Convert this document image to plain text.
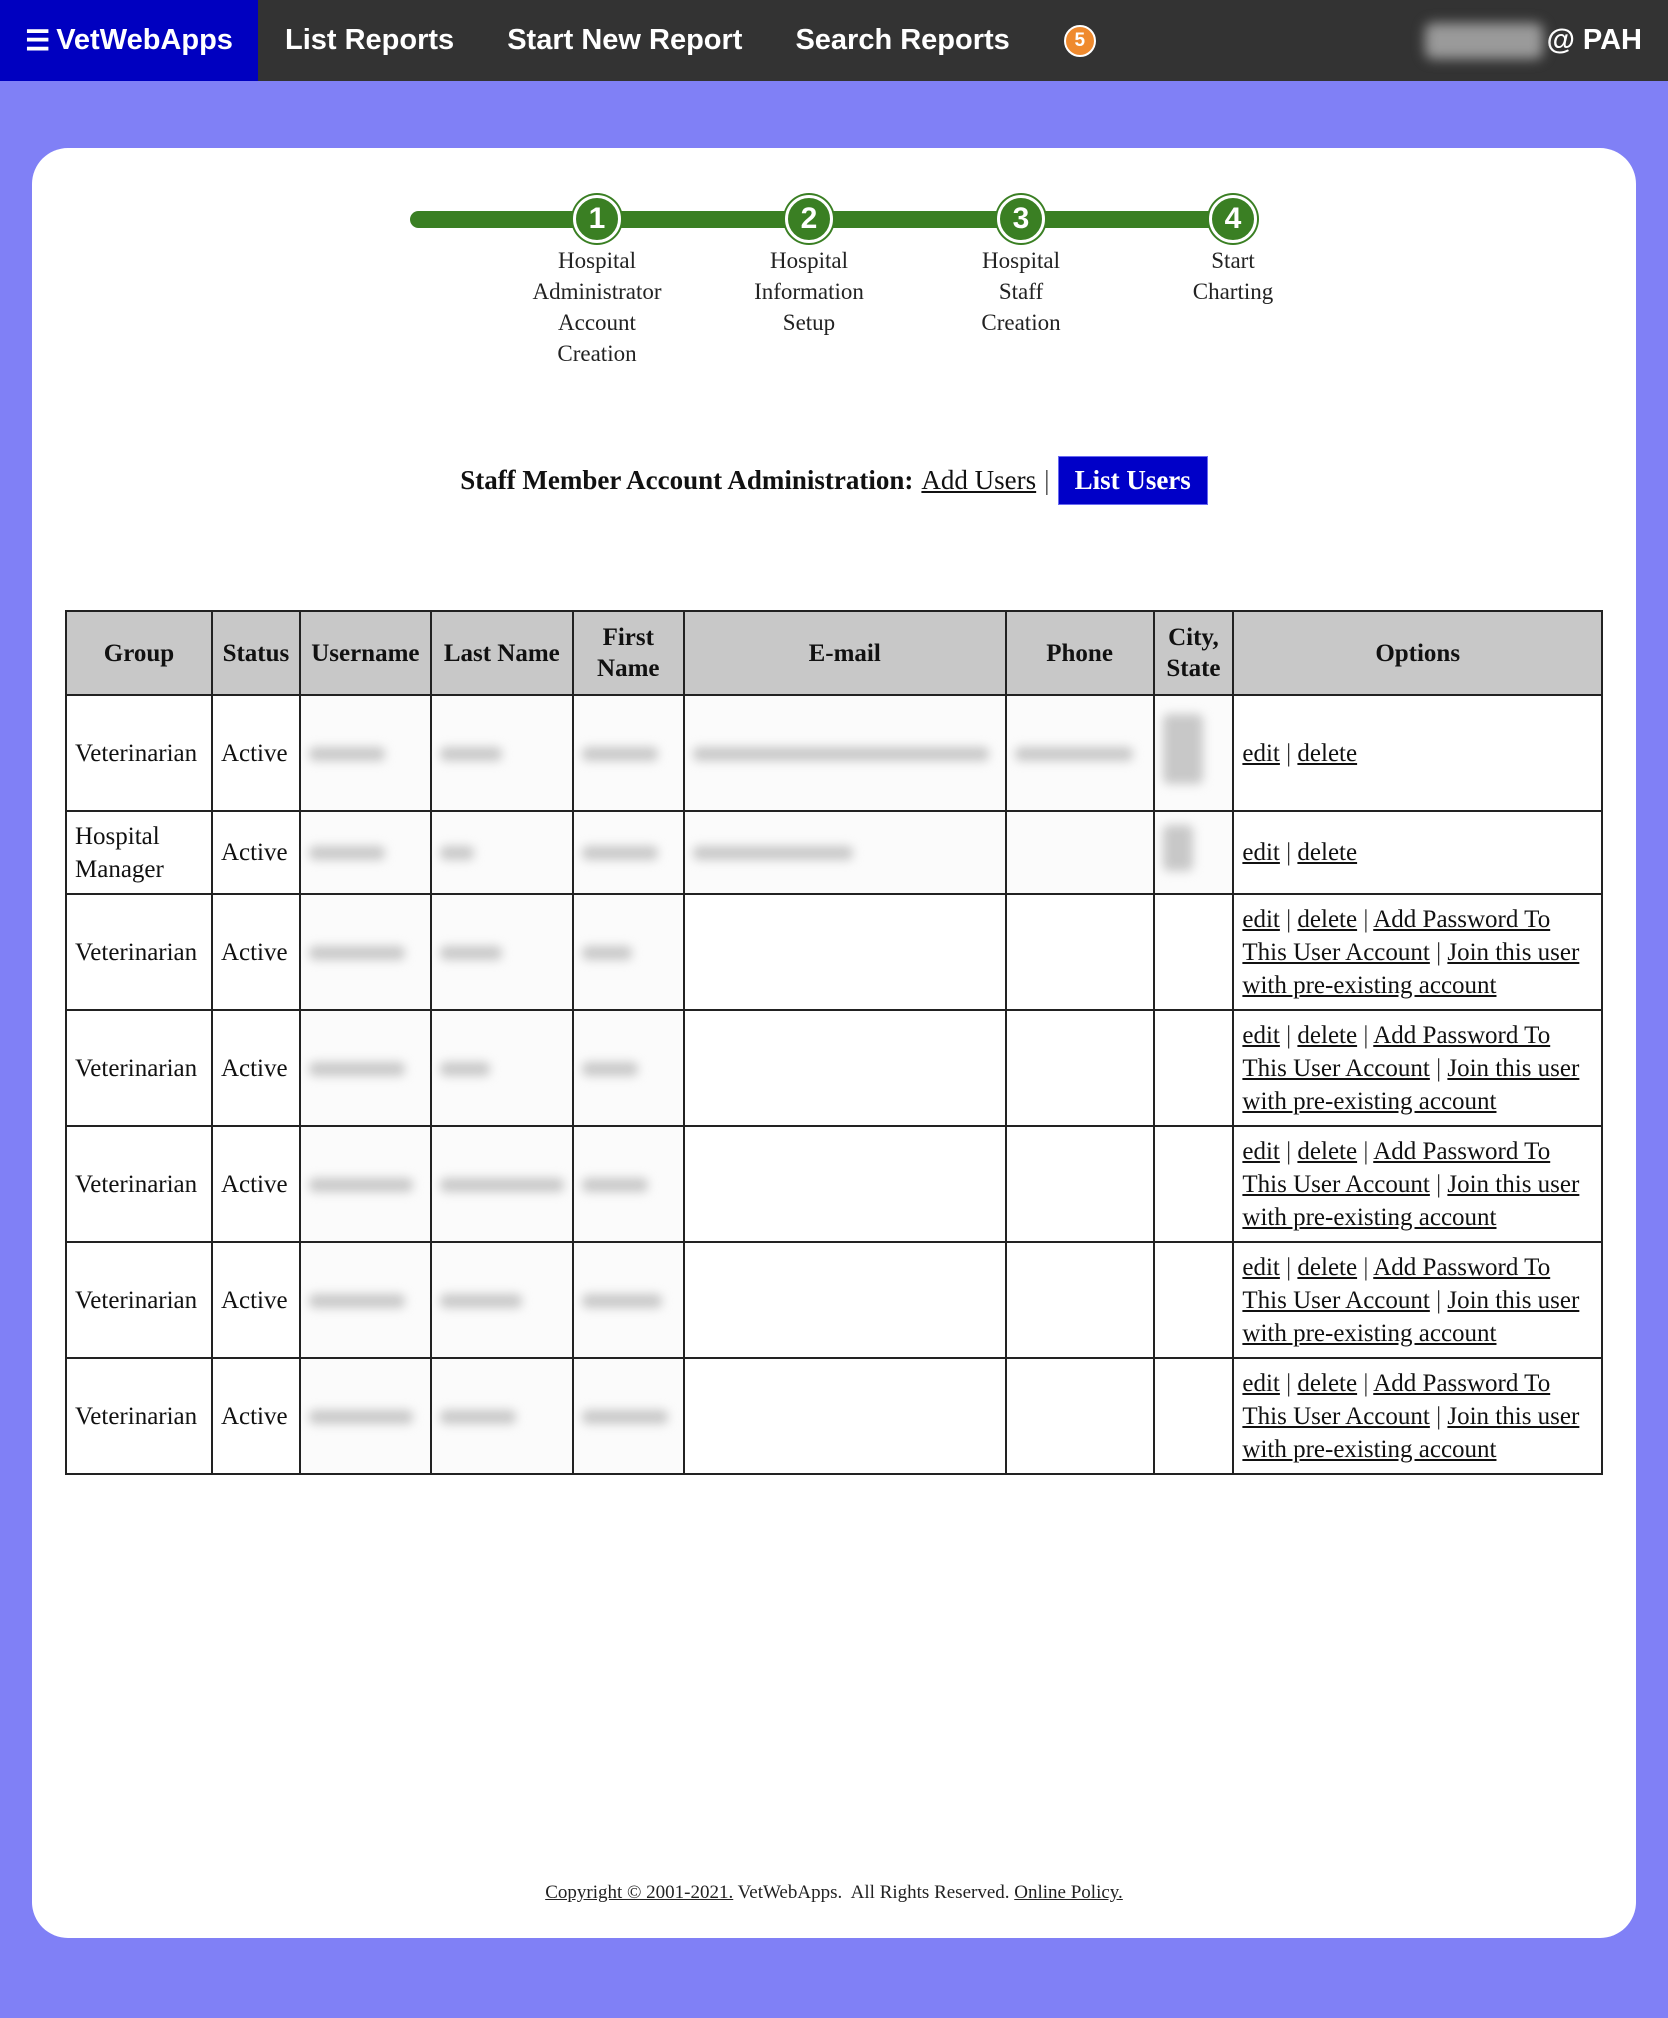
☰ VetWebApps List Reports Start New Report Search Reports	5	@ PAH
1
Hospital Administrator Account Creation
2
Hospital Information Setup
3
Hospital Staff Creation
4
Start Charting
Staff Member Account Administration: Add Users | List Users
Group	Status	Username	Last Name	First Name	E-mail	Phone	City, State	Options
Veterinarian	Active							edit | delete
Hospital Manager	Active							edit | delete
Veterinarian	Active							edit | delete | Add Password To This User Account | Join this user with pre-existing account
Veterinarian	Active							edit | delete | Add Password To This User Account | Join this user with pre-existing account
Veterinarian	Active							edit | delete | Add Password To This User Account | Join this user with pre-existing account
Veterinarian	Active							edit | delete | Add Password To This User Account | Join this user with pre-existing account
Veterinarian	Active							edit | delete | Add Password To This User Account | Join this user with pre-existing account
Copyright © 2001-2021. VetWebApps.  All Rights Reserved. Online Policy.
